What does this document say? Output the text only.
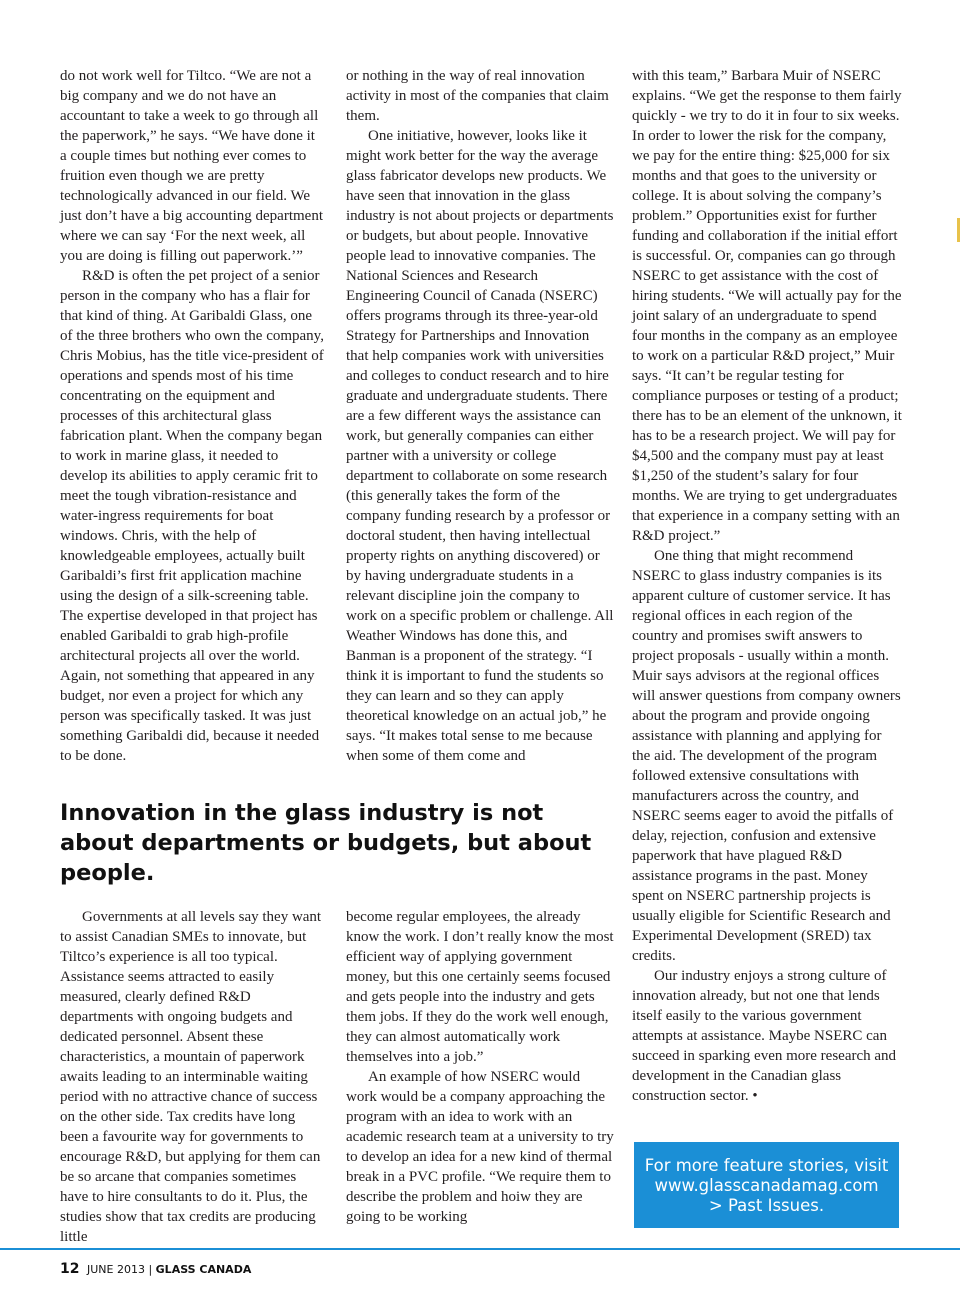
do not work well for Tiltco. “We are not a big company and we do not have an accountant to take a week to go through all the paperwork,” he says. “We have done it a couple times but nothing ever comes to fruition even though we are pretty technologically advanced in our field. We just don’t have a big accounting department where we can say ‘For the next week, all you are doing is filling out paperwork.’”

R&D is often the pet project of a senior person in the company who has a flair for that kind of thing. At Garibaldi Glass, one of the three brothers who own the company, Chris Mobius, has the title vice-president of operations and spends most of his time concentrating on the equipment and processes of this architectural glass fabrication plant. When the company began to work in marine glass, it needed to develop its abilities to apply ceramic frit to meet the tough vibration-resistance and water-ingress requirements for boat windows. Chris, with the help of knowledgeable employees, actually built Garibaldi’s first frit application machine using the design of a silk-screening table. The expertise developed in that project has enabled Garibaldi to grab high-profile architectural projects all over the world. Again, not something that appeared in any budget, nor even a project for which any person was specifically tasked. It was just something Garibaldi did, because it needed to be done.

or nothing in the way of real innovation activity in most of the companies that claim them.

One initiative, however, looks like it might work better for the way the average glass fabricator develops new products. We have seen that innovation in the glass industry is not about projects or departments or budgets, but about people. Innovative people lead to innovative companies. The National Sciences and Research Engineering Council of Canada (NSERC) offers programs through its three-year-old Strategy for Partnerships and Innovation that help companies work with universities and colleges to conduct research and to hire graduate and undergraduate students. There are a few different ways the assistance can work, but generally companies can either partner with a university or college department to collaborate on some research (this generally takes the form of the company funding research by a professor or doctoral student, then having intellectual property rights on anything discovered) or by having undergraduate students in a relevant discipline join the company to work on a specific problem or challenge. All Weather Windows has done this, and Banman is a proponent of the strategy. “I think it is important to fund the students so they can learn and so they can apply theoretical knowledge on an actual job,” he says. “It makes total sense to me because when some of them come and

with this team,” Barbara Muir of NSERC explains. “We get the response to them fairly quickly - we try to do it in four to six weeks. In order to lower the risk for the company, we pay for the entire thing: $25,000 for six months and that goes to the university or college. It is about solving the company’s problem.” Opportunities exist for further funding and collaboration if the initial effort is successful. Or, companies can go through NSERC to get assistance with the cost of hiring students. “We will actually pay for the joint salary of an undergraduate to spend four months in the company as an employee to work on a particular R&D project,” Muir says. “It can’t be regular testing for compliance purposes or testing of a product; there has to be an element of the unknown, it has to be a research project. We will pay for $4,500 and the company must pay at least $1,250 of the student’s salary for four months. We are trying to get undergraduates that experience in a company setting with an R&D project.”

One thing that might recommend NSERC to glass industry companies is its apparent culture of customer service. It has regional offices in each region of the country and promises swift answers to project proposals - usually within a month. Muir says advisors at the regional offices will answer questions from company owners about the program and provide ongoing assistance with planning and applying for the aid. The development of the program followed extensive consultations with manufacturers across the country, and NSERC seems eager to avoid the pitfalls of delay, rejection, confusion and extensive paperwork that have plagued R&D assistance programs in the past. Money spent on NSERC partnership projects is usually eligible for Scientific Research and Experimental Development (SRED) tax credits.

Our industry enjoys a strong culture of innovation already, but not one that lends itself easily to the various government attempts at assistance. Maybe NSERC can succeed in sparking even more research and development in the Canadian glass construction sector. •

Innovation in the glass industry is not about departments or budgets, but about people.

Governments at all levels say they want to assist Canadian SMEs to innovate, but Tiltco’s experience is all too typical. Assistance seems attracted to easily measured, clearly defined R&D departments with ongoing budgets and dedicated personnel. Absent these characteristics, a mountain of paperwork awaits leading to an interminable waiting period with no attractive chance of success on the other side. Tax credits have long been a favourite way for governments to encourage R&D, but applying for them can be so arcane that companies sometimes have to hire consultants to do it. Plus, the studies show that tax credits are producing little

become regular employees, the already know the work. I don’t really know the most efficient way of applying government money, but this one certainly seems focused and gets people into the industry and gets them jobs. If they do the work well enough, they can almost automatically work themselves into a job.”

An example of how NSERC would work would be a company approaching the program with an idea to work with an academic research team at a university to try to develop an idea for a new kind of thermal break in a PVC profile. “We require them to describe the problem and hoiw they are going to be working

For more feature stories, visit
www.glasscanadamag.com
> Past Issues.
12 JUNE 2013 | GLASS CANADA
